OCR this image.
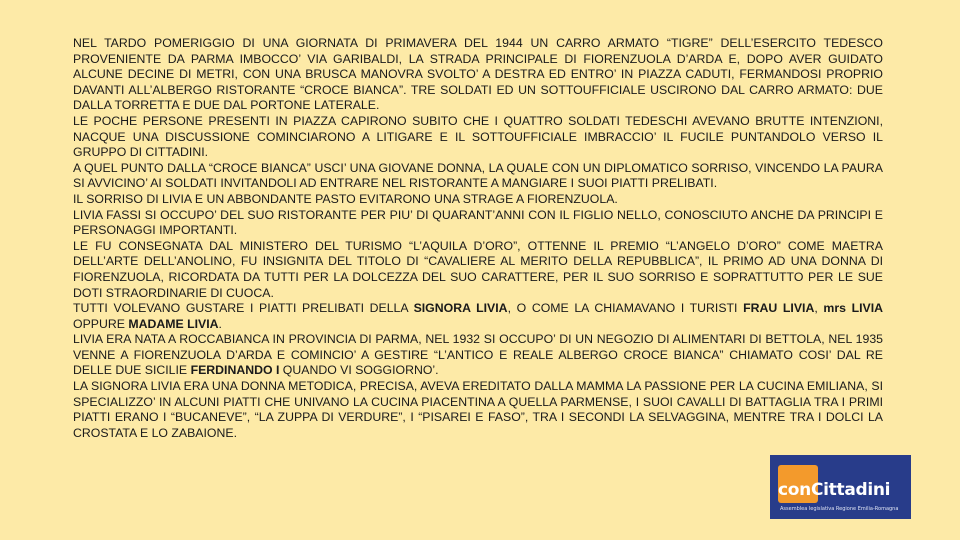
NEL TARDO POMERIGGIO DI UNA GIORNATA DI PRIMAVERA DEL 1944 UN CARRO ARMATO “TIGRE” DELL’ESERCITO TEDESCO PROVENIENTE DA PARMA IMBOCCO’ VIA GARIBALDI, LA STRADA PRINCIPALE DI FIORENZUOLA D’ARDA E, DOPO AVER GUIDATO ALCUNE DECINE DI METRI, CON UNA BRUSCA MANOVRA SVOLTO’ A DESTRA ED ENTRO’ IN PIAZZA CADUTI, FERMANDOSI PROPRIO DAVANTI ALL’ALBERGO RISTORANTE “CROCE BIANCA”. TRE SOLDATI ED UN SOTTOUFFICIALE USCIRONO DAL CARRO ARMATO: DUE DALLA TORRETTA E DUE DAL PORTONE LATERALE.

LE POCHE PERSONE PRESENTI IN PIAZZA CAPIRONO SUBITO CHE I QUATTRO SOLDATI TEDESCHI AVEVANO BRUTTE INTENZIONI, NACQUE UNA DISCUSSIONE COMINCIARONO A LITIGARE E IL SOTTOUFFICIALE IMBRACCIO’ IL FUCILE PUNTANDOLO VERSO IL GRUPPO DI CITTADINI.

A QUEL PUNTO DALLA “CROCE BIANCA” USCI’ UNA GIOVANE DONNA, LA QUALE CON UN DIPLOMATICO SORRISO, VINCENDO LA PAURA SI AVVICINO’ AI SOLDATI INVITANDOLI AD ENTRARE NEL RISTORANTE A MANGIARE I SUOI PIATTI PRELIBATI.

IL SORRISO DI LIVIA E UN ABBONDANTE PASTO EVITARONO UNA STRAGE A FIORENZUOLA.

LIVIA FASSI SI OCCUPO’ DEL SUO RISTORANTE PER PIU’ DI QUARANT’ANNI CON IL FIGLIO NELLO, CONOSCIUTO ANCHE DA PRINCIPI E PERSONAGGI IMPORTANTI.

LE FU CONSEGNATA DAL MINISTERO DEL TURISMO “L’AQUILA D’ORO”, OTTENNE IL PREMIO “L’ANGELO D’ORO” COME MAETRA DELL’ARTE DELL’ANOLINO, FU INSIGNITA DEL TITOLO DI “CAVALIERE AL MERITO DELLA REPUBBLICA”, IL PRIMO AD UNA DONNA DI FIORENZUOLA, RICORDATA DA TUTTI PER LA DOLCEZZA DEL SUO CARATTERE, PER IL SUO SORRISO E SOPRATTUTTO PER LE SUE DOTI STRAORDINARIE DI CUOCA.

TUTTI VOLEVANO GUSTARE I PIATTI PRELIBATI DELLA SIGNORA LIVIA, O COME LA CHIAMAVANO I TURISTI FRAU LIVIA, mrs LIVIA OPPURE MADAME LIVIA.

LIVIA ERA NATA A ROCCABIANCA IN PROVINCIA DI PARMA, NEL 1932 SI OCCUPO’ DI UN NEGOZIO DI ALIMENTARI DI BETTOLA, NEL 1935 VENNE A FIORENZUOLA D’ARDA E COMINCIO’ A GESTIRE “L’ANTICO E REALE ALBERGO CROCE BIANCA” CHIAMATO COSI’ DAL RE DELLE DUE SICILIE FERDINANDO I QUANDO VI SOGGIORNO’.

LA SIGNORA LIVIA ERA UNA DONNA METODICA, PRECISA, AVEVA EREDITATO DALLA MAMMA LA PASSIONE PER LA CUCINA EMILIANA, SI SPECIALIZZO’ IN ALCUNI PIATTI CHE UNIVANO LA CUCINA PIACENTINA A QUELLA PARMENSE, I SUOI CAVALLI DI BATTAGLIA TRA I PRIMI PIATTI ERANO I “BUCANEVE”, “LA ZUPPA DI VERDURE”, I “PISAREI E FASO”, TRA I SECONDI LA SELVAGGINA, MENTRE TRA I DOLCI LA CROSTATA E LO ZABAIONE.

conCittadini
Assemblea legislativa Regione Emilia-Romagna
